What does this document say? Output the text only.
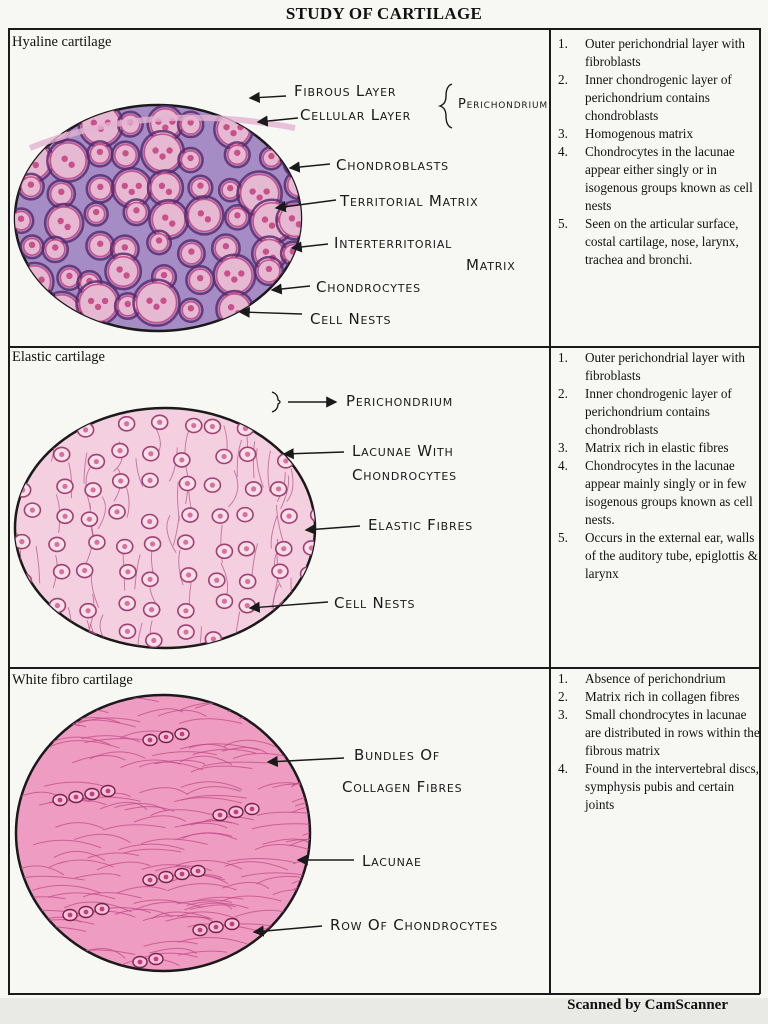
STUDY OF CARTILAGE
Hyaline cartilage
Elastic cartilage
White fibro cartilage
Fibrous Layer
Cellular Layer
Perichondrium
Chondroblasts
Territorial Matrix
Interterritorial
Matrix
Chondrocytes
Cell Nests
Perichondrium
Lacunae With
Chondrocytes
Elastic Fibres
Cell Nests
Bundles Of
Collagen Fibres
Lacunae
Row Of Chondrocytes
1. Outer perichondrial layer with fibroblasts
2. Inner chondrogenic layer of perichondrium contains chondroblasts
3. Homogenous matrix
4. Chondrocytes in the lacunae appear either singly or in isogenous groups known as cell nests
5. Seen on the articular surface, costal cartilage, nose, larynx, trachea and bronchi.
1. Outer perichondrial layer with fibroblasts
2. Inner chondrogenic layer of perichondrium contains chondroblasts
3. Matrix rich in elastic fibres
4. Chondrocytes in the lacunae appear mainly singly or in few isogenous groups known as cell nests.
5. Occurs in the external ear, walls of the auditory tube, epiglottis & larynx
1. Absence of perichondrium
2. Matrix rich in collagen fibres
3. Small chondrocytes in lacunae are distributed in rows within the fibrous matrix
4. Found in the intervertebral discs, symphysis pubis and certain joints
Scanned by CamScanner
